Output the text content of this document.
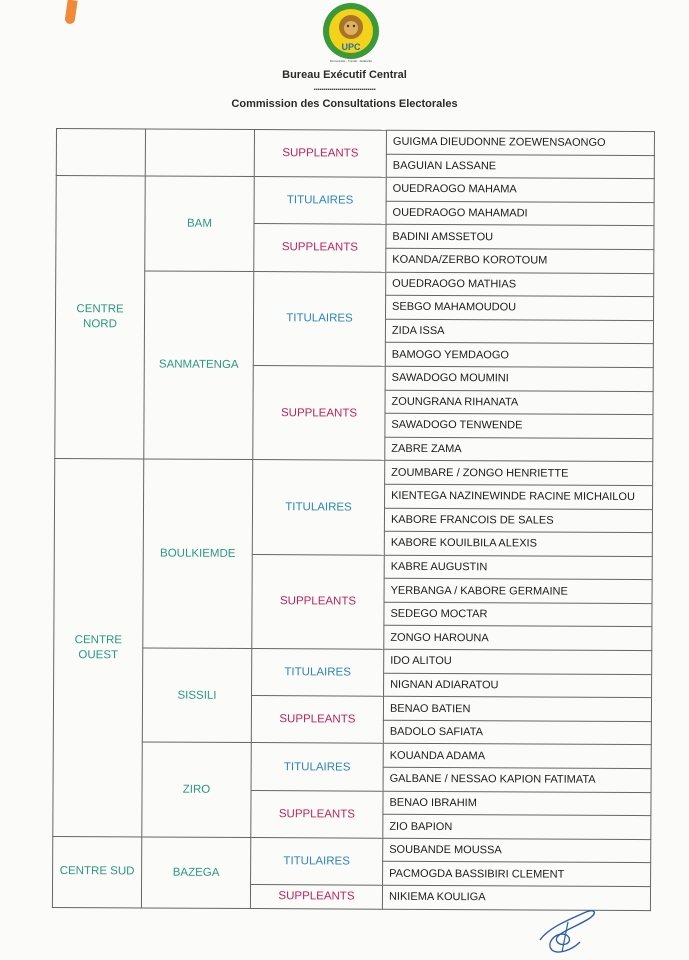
UPC
Démocratie - Travail - Solidarité
Bureau Exécutif Central
...............................
Commission des Consultations Electorales
		SUPPLEANTS	GUIGMA DIEUDONNE ZOEWENSAONGO
			BAGUIAN LASSANE

CENTRE
NORD	BAM	TITULAIRES	OUEDRAOGO MAHAMA
			OUEDRAOGO MAHAMADI
		SUPPLEANTS	BADINI AMSSETOU
			KOANDA/ZERBO KOROTOUM
	SANMATENGA	TITULAIRES	OUEDRAOGO MATHIAS
			SEBGO MAHAMOUDOU
			ZIDA ISSA
			BAMOGO YEMDAOGO
		SUPPLEANTS	SAWADOGO MOUMINI
			ZOUNGRANA RIHANATA
			SAWADOGO TENWENDE
			ZABRE ZAMA

CENTRE
OUEST	BOULKIEMDE	TITULAIRES	ZOUMBARE / ZONGO HENRIETTE
			KIENTEGA NAZINEWINDE RACINE MICHAILOU
			KABORE FRANCOIS DE SALES
			KABORE KOUILBILA ALEXIS
		SUPPLEANTS	KABRE AUGUSTIN
			YERBANGA / KABORE GERMAINE
			SEDEGO MOCTAR
			ZONGO HAROUNA
	SISSILI	TITULAIRES	IDO ALITOU
			NIGNAN ADIARATOU
		SUPPLEANTS	BENAO BATIEN
			BADOLO SAFIATA
	ZIRO	TITULAIRES	KOUANDA ADAMA
			GALBANE / NESSAO KAPION FATIMATA
		SUPPLEANTS	BENAO IBRAHIM
			ZIO BAPION

CENTRE SUD	BAZEGA	TITULAIRES	SOUBANDE MOUSSA
			PACMOGDA BASSIBIRI CLEMENT
		SUPPLEANTS	NIKIEMA KOULIGA
